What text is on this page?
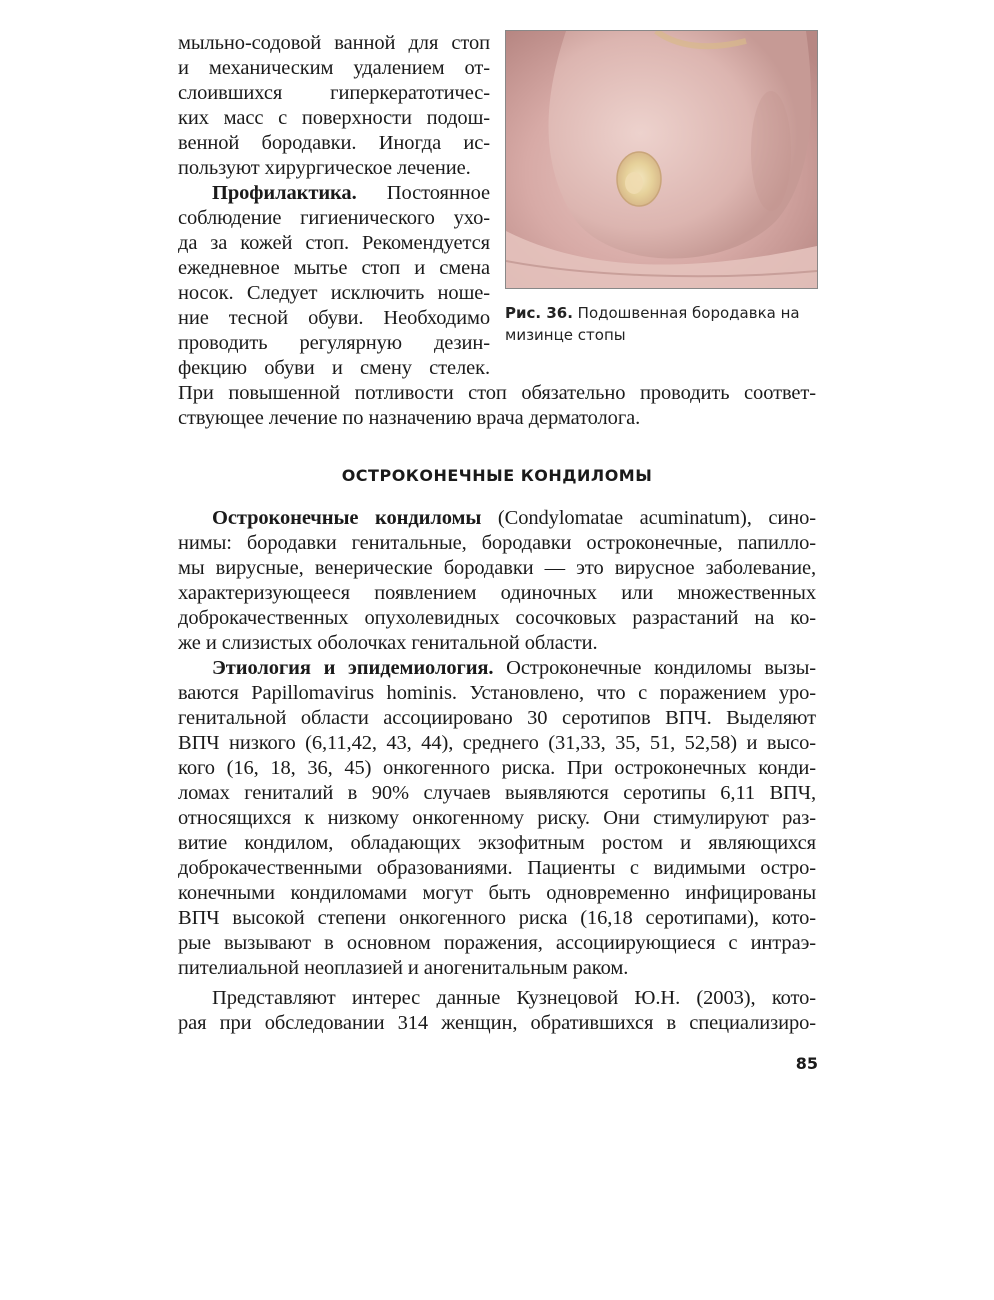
мыльно-содовой ванной для стоп
и механическим удалением от-
слоившихся гиперкератотичес-
ких масс с поверхности подош-
венной бородавки. Иногда ис-
пользуют хирургическое лечение.
Профилактика. Постоянное
соблюдение гигиенического ухо-
да за кожей стоп. Рекомендуется
ежедневное мытье стоп и смена
носок. Следует исключить ноше-
ние тесной обуви. Необходимо
проводить регулярную дезин-
фекцию обуви и смену стелек.
При повышенной потливости стоп обязательно проводить соответ-
ствующее лечение по назначению врача дерматолога.
Рис. 36. Подошвенная бородавка на
мизинце стопы
ОСТРОКОНЕЧНЫЕ КОНДИЛОМЫ
Остроконечные кондиломы (Condylomatae acuminatum), сино-
нимы: бородавки генитальные, бородавки остроконечные, папилло-
мы вирусные, венерические бородавки — это вирусное заболевание,
характеризующееся появлением одиночных или множественных
доброкачественных опухолевидных сосочковых разрастаний на ко-
же и слизистых оболочках генитальной области.
Этиология и эпидемиология. Остроконечные кондиломы вызы-
ваются Papillomavirus hominis. Установлено, что с поражением уро-
генитальной области ассоциировано 30 серотипов ВПЧ. Выделяют
ВПЧ низкого (6,11,42, 43, 44), среднего (31,33, 35, 51, 52,58) и высо-
кого (16, 18, 36, 45) онкогенного риска. При остроконечных конди-
ломах гениталий в 90% случаев выявляются серотипы 6,11 ВПЧ,
относящихся к низкому онкогенному риску. Они стимулируют раз-
витие кондилом, обладающих экзофитным ростом и являющихся
доброкачественными образованиями. Пациенты с видимыми остро-
конечными кондиломами могут быть одновременно инфицированы
ВПЧ высокой степени онкогенного риска (16,18 серотипами), кото-
рые вызывают в основном поражения, ассоциирующиеся с интраэ-
пителиальной неоплазией и аногенитальным раком.
Представляют интерес данные Кузнецовой Ю.Н. (2003), кото-
рая при обследовании 314 женщин, обратившихся в специализиро-
85
